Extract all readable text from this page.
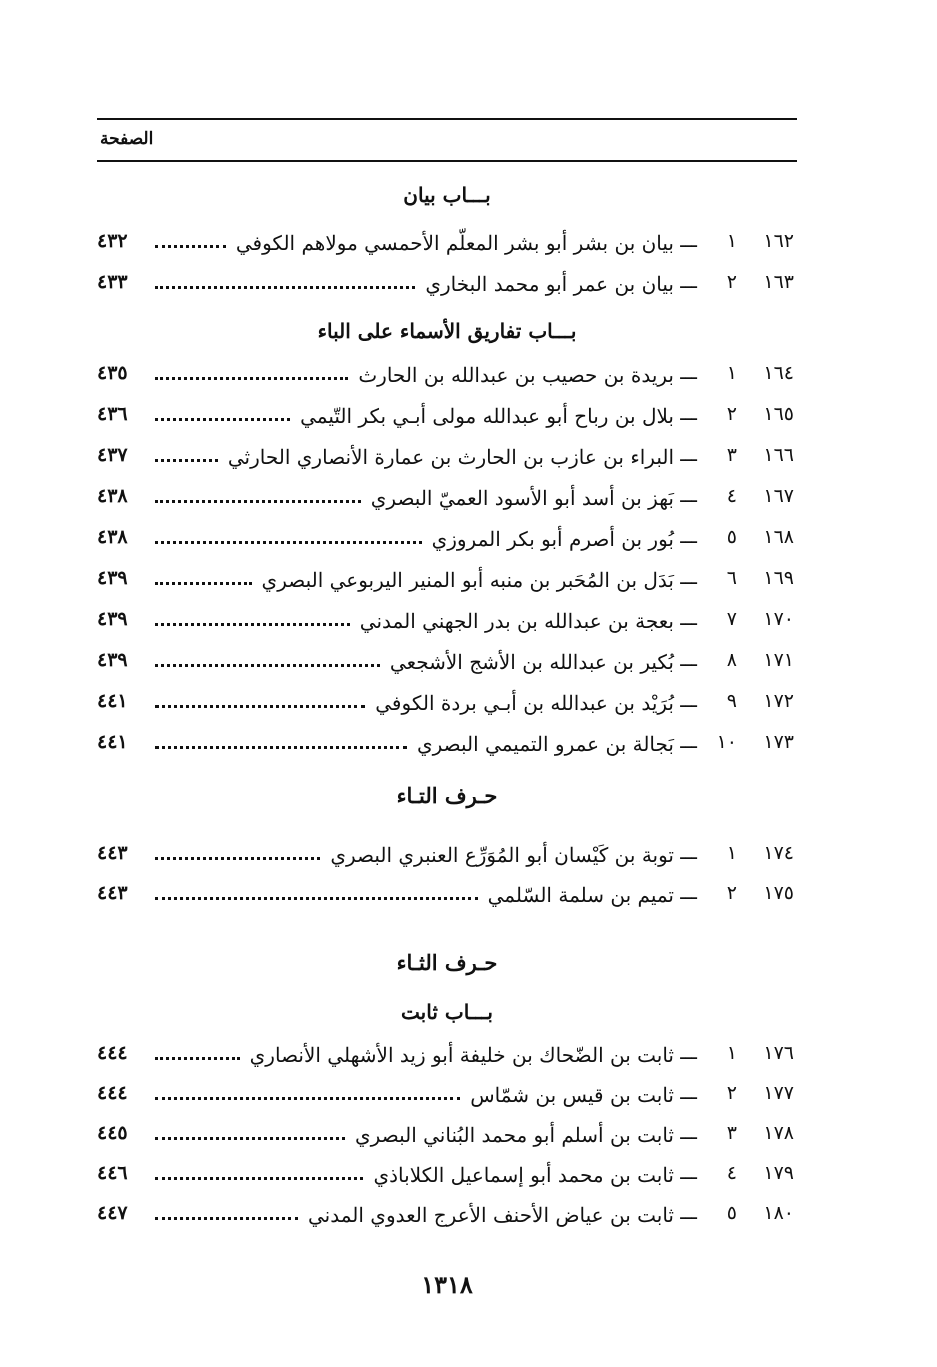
الصفحة
بـــاب بيان
١٦٢
١
ـــ
بيان بن بشر أبو بشر المعلّم الأحمسي مولاهم الكوفي
٤٣٢
١٦٣
٢
ـــ
بيان بن عمر أبو محمد البخاري
٤٣٣
بـــاب تفاريق الأسماء على الباء
١٦٤
١
ـــ
بريدة بن حصيب بن عبدالله بن الحارث
٤٣٥
١٦٥
٢
ـــ
بلال بن رباح أبو عبدالله مولى أبـي بكر التّيمي
٤٣٦
١٦٦
٣
ـــ
البراء بن عازب بن الحارث بن عمارة الأنصاري الحارثي
٤٣٧
١٦٧
٤
ـــ
بَهز بن أسد أبو الأسود العميّ البصري
٤٣٨
١٦٨
٥
ـــ
بُور بن أصرم أبو بكر المروزي
٤٣٨
١٦٩
٦
ـــ
بَدَل بن المُحَبر بن منبه أبو المنير اليربوعي البصري
٤٣٩
١٧٠
٧
ـــ
بعجة بن عبدالله بن بدر الجهني المدني
٤٣٩
١٧١
٨
ـــ
بُكير بن عبدالله بن الأشج الأشجعي
٤٣٩
١٧٢
٩
ـــ
بُرَيْد بن عبدالله بن أبـي بردة الكوفي
٤٤١
١٧٣
١٠
ـــ
بَجالة بن عمرو التميمي البصري
٤٤١
حـرف التـاء
١٧٤
١
ـــ
توبة بن كَيْسان أبو المُوَرِّع العنبري البصري
٤٤٣
١٧٥
٢
ـــ
تميم بن سلمة السّلمي
٤٤٣
حـرف الثـاء
بـــاب ثابت
١٧٦
١
ـــ
ثابت بن الضّحاك بن خليفة أبو زيد الأشهلي الأنصاري
٤٤٤
١٧٧
٢
ـــ
ثابت بن قيس بن شمّاس
٤٤٤
١٧٨
٣
ـــ
ثابت بن أسلم أبو محمد البُناني البصري
٤٤٥
١٧٩
٤
ـــ
ثابت بن محمد أبو إسماعيل الكلاباذي
٤٤٦
١٨٠
٥
ـــ
ثابت بن عياض الأحنف الأعرج العدوي المدني
٤٤٧
١٣١٨
